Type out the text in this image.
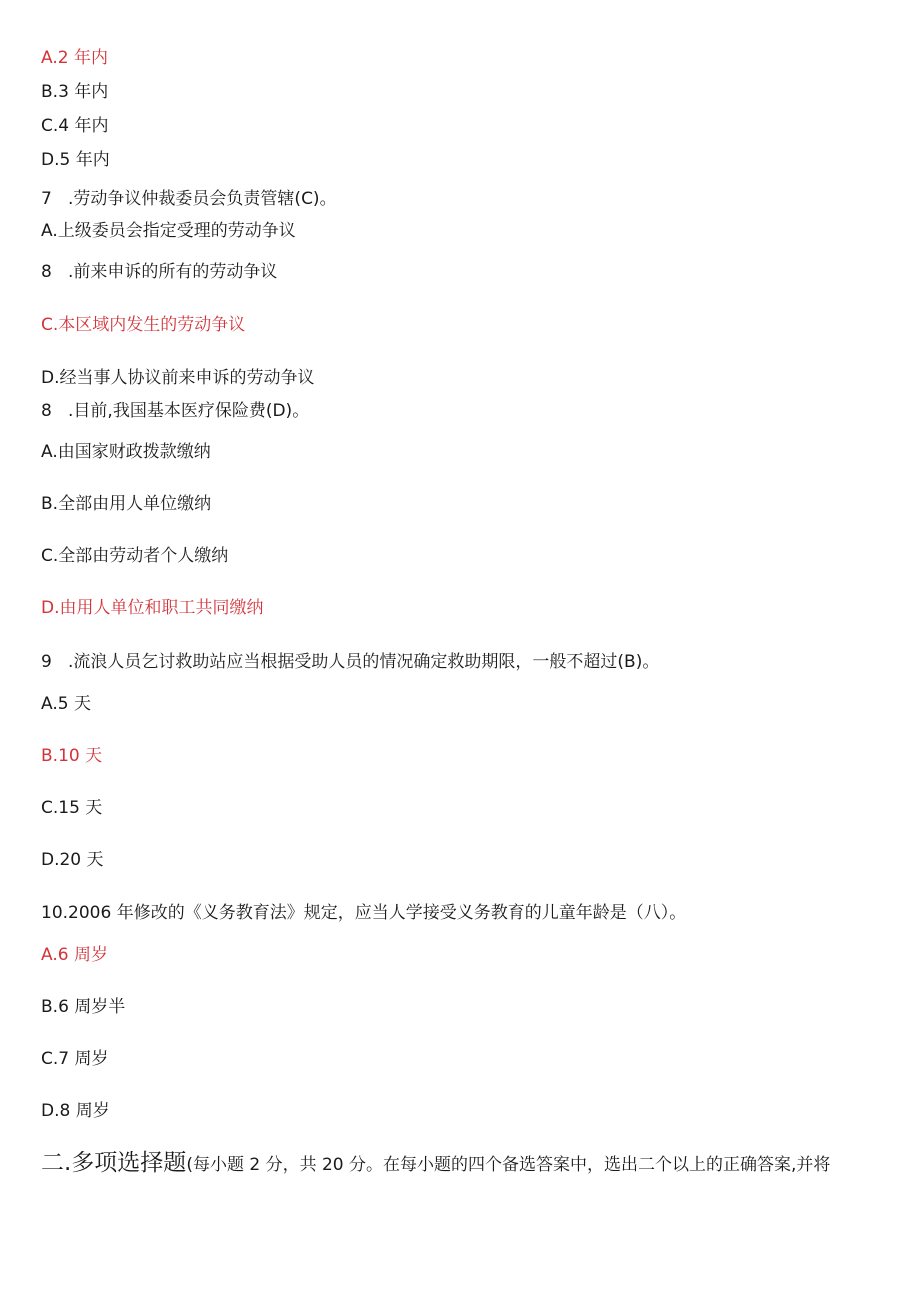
A.2 年内
B.3 年内
C.4 年内
D.5 年内
7   .劳动争议仲裁委员会负责管辖(C)。
A.上级委员会指定受理的劳动争议
8   .前来申诉的所有的劳动争议
C.本区域内发生的劳动争议
D.经当事人协议前来申诉的劳动争议
8   .目前,我国基本医疗保险费(D)。
A.由国家财政拨款缴纳
B.全部由用人单位缴纳
C.全部由劳动者个人缴纳
D.由用人单位和职工共同缴纳
9   .流浪人员乞讨救助站应当根据受助人员的情况确定救助期限，一般不超过(B)。
A.5 天
B.10 天
C.15 天
D.20 天
10.2006 年修改的《义务教育法》规定，应当人学接受义务教育的儿童年龄是（八）。
A.6 周岁
B.6 周岁半
C.7 周岁
D.8 周岁
二.多项选择题(每小题 2 分，共 20 分。在每小题的四个备选答案中，选出二个以上的正确答案,并将
